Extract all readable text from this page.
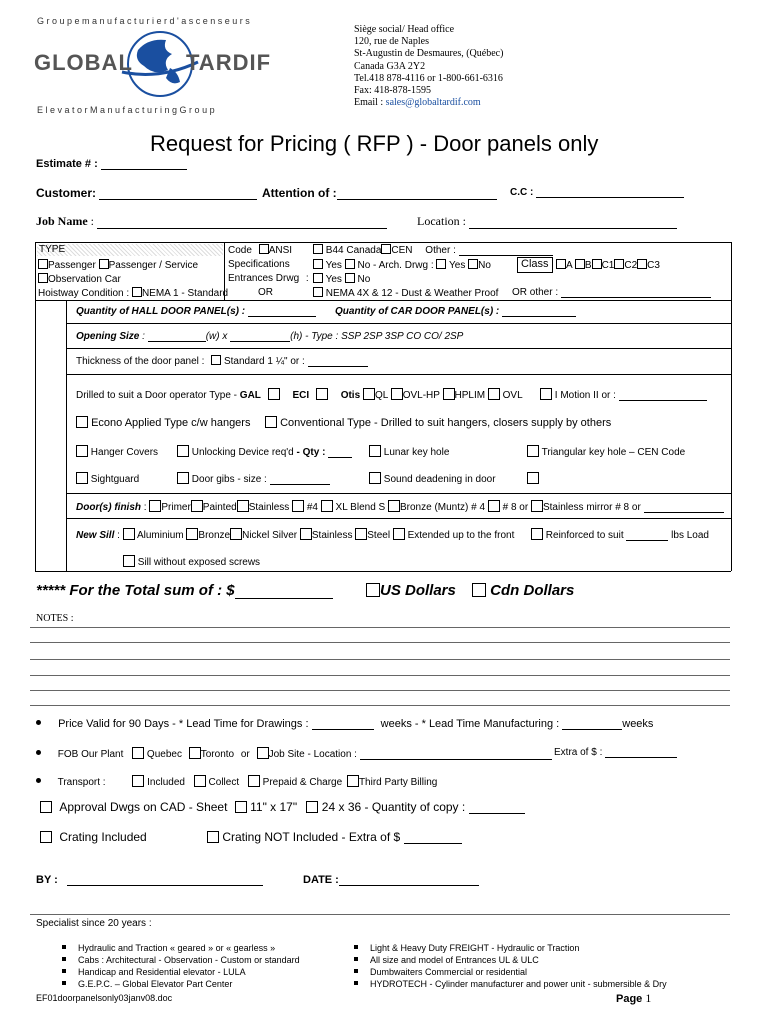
G r o u p e m a n u f a c t u r i e r d ' a s c e n s e u r s
GLOBAL TARDIF
E l e v a t o r M a n u f a c t u r i n g G r o u p
Siège social/ Head office
120, rue de Naples
St-Augustin de Desmaures, (Québec)
Canada G3A 2Y2
Tel.418 878-4116 or 1-800-661-6316
Fax: 418-878-1595
Email : sales@globaltardif.com
Request for Pricing ( RFP ) - Door panels only
Estimate # :
Customer:	Attention of :	C.C :
Job Name :	Location :
TYPE
Passenger Passenger / Service
Observation Car
Hoistway Condition : NEMA 1 - Standard
Code ANSI	B44 Canada CEN Other :
Specifications	Yes No - Arch. Drwg : Yes No	Class	A B C1 C2 C3
Entrances Drwg :	Yes No
OR	NEMA 4X & 12 - Dust & Weather Proof OR other :
Quantity of HALL DOOR PANEL(s) :	Quantity of CAR DOOR PANEL(s) :
Opening Size :	(w) x	(h) - Type : SSP 2SP 3SP CO CO/ 2SP
Thickness of the door panel : Standard 1 ¼" or :
Drilled to suit a Door operator Type - GAL	ECI	Otis QL OVL-HP HPLIM OVL	I Motion II or :
Econo Applied Type c/w hangers	Conventional Type - Drilled to suit hangers, closers supply by others
Hanger Covers	Unlocking Device req'd - Qty :	Lunar key hole	Triangular key hole – CEN Code
Sightguard	Door gibs - size :	Sound deadening in door
Door(s) finish : Primer Painted Stainless #4 XL Blend S Bronze (Muntz) # 4 # 8 or Stainless mirror # 8 or
New Sill : Aluminium Bronze Nickel Silver Stainless Steel Extended up to the front	Reinforced to suit	lbs Load
Sill without exposed screws
***** For the Total sum of : $	US Dollars	Cdn Dollars
NOTES :
Price Valid for 90 Days - * Lead Time for Drawings :	weeks - * Lead Time Manufacturing :	weeks
FOB Our Plant Quebec Toronto or Job Site - Location :	Extra of $ :
Transport :	Included Collect Prepaid & Charge Third Party Billing
Approval Dwgs on CAD - Sheet 11" x 17" 24 x 36 - Quantity of copy :
Crating Included	Crating NOT Included - Extra of $
BY :	DATE :
Specialist since 20 years :
Hydraulic and Traction « geared » or « gearless »
Cabs : Architectural - Observation - Custom or standard
Handicap and Residential elevator - LULA
G.E.P.C. – Global Elevator Part Center
Light & Heavy Duty FREIGHT - Hydraulic or Traction
All size and model of Entrances UL & ULC
Dumbwaiters Commercial or residential
HYDROTECH - Cylinder manufacturer and power unit - submersible & Dry
EF01doorpanelsonly03janv08.doc	Page 1
